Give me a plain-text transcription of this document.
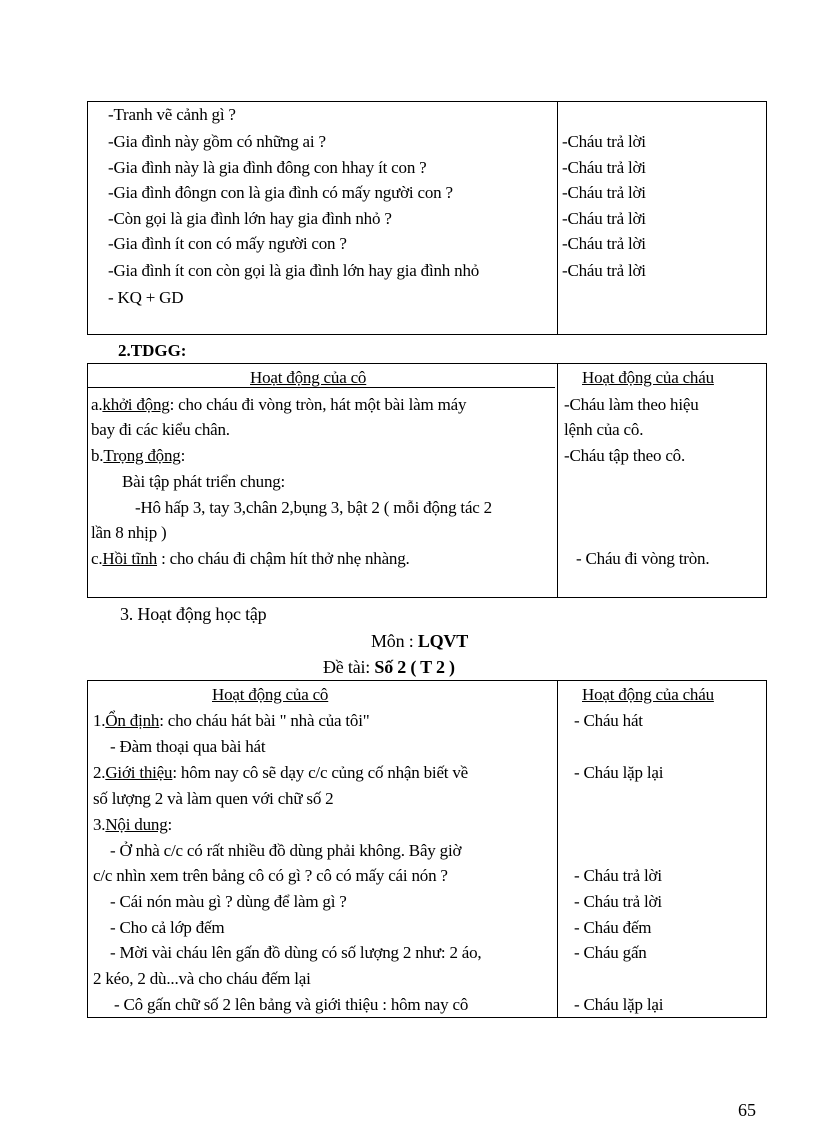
-Tranh vẽ cảnh gì ?
-Gia đình này gồm có những ai ?
-Gia đình này là gia đình đông con hhay ít con ?
-Gia đình đôngn con là gia đình có mấy người con ?
-Còn gọi là gia đình lớn hay gia đình nhỏ ?
-Gia đình ít con có mấy người con ?
-Gia đình ít con còn gọi là gia đình lớn hay gia đình nhỏ
- KQ + GD
-Cháu trả lời
-Cháu trả lời
-Cháu trả lời
-Cháu trả lời
-Cháu trả lời
-Cháu trả lời
2.TDGG:
Hoạt động của cô	Hoạt động của cháu
a.khởi động: cho cháu đi vòng tròn, hát một bài làm máy
bay đi các kiểu chân.
b.Trọng động:
Bài tập phát triển chung:
-Hô hấp 3, tay 3,chân 2,bụng 3, bật 2 ( mỗi động tác 2
lần 8 nhịp )
c.Hồi tĩnh : cho cháu đi chậm hít thở nhẹ nhàng.
-Cháu làm theo hiệu
lệnh của cô.
-Cháu tập theo cô.
- Cháu đi vòng tròn.
3. Hoạt động học tập
Môn : LQVT
Đề tài: Số 2 ( T 2 )
Hoạt động của cô	Hoạt động của cháu
1.Ổn định: cho cháu hát bài " nhà của tôi"
- Đàm thoại qua bài hát
2.Giới thiệu: hôm nay cô sẽ dạy c/c củng cố nhận biết về
số lượng 2 và làm quen với chữ số 2
3.Nội dung:
- Ở nhà c/c có rất nhiều đồ dùng phải không. Bây giờ
c/c nhìn xem trên bảng cô có gì ? cô có mấy cái nón ?
- Cái nón màu gì ? dùng để làm gì ?
- Cho cả lớp đếm
- Mời vài cháu lên gấn đồ dùng có số lượng 2 như: 2 áo,
2 kéo, 2 dù...và cho cháu đếm lại
- Cô gấn chữ số 2 lên bảng và giới thiệu : hôm nay cô
- Cháu hát
- Cháu lặp lại
- Cháu trả lời
- Cháu trả lời
- Cháu đếm
- Cháu gấn
- Cháu lặp lại
65
